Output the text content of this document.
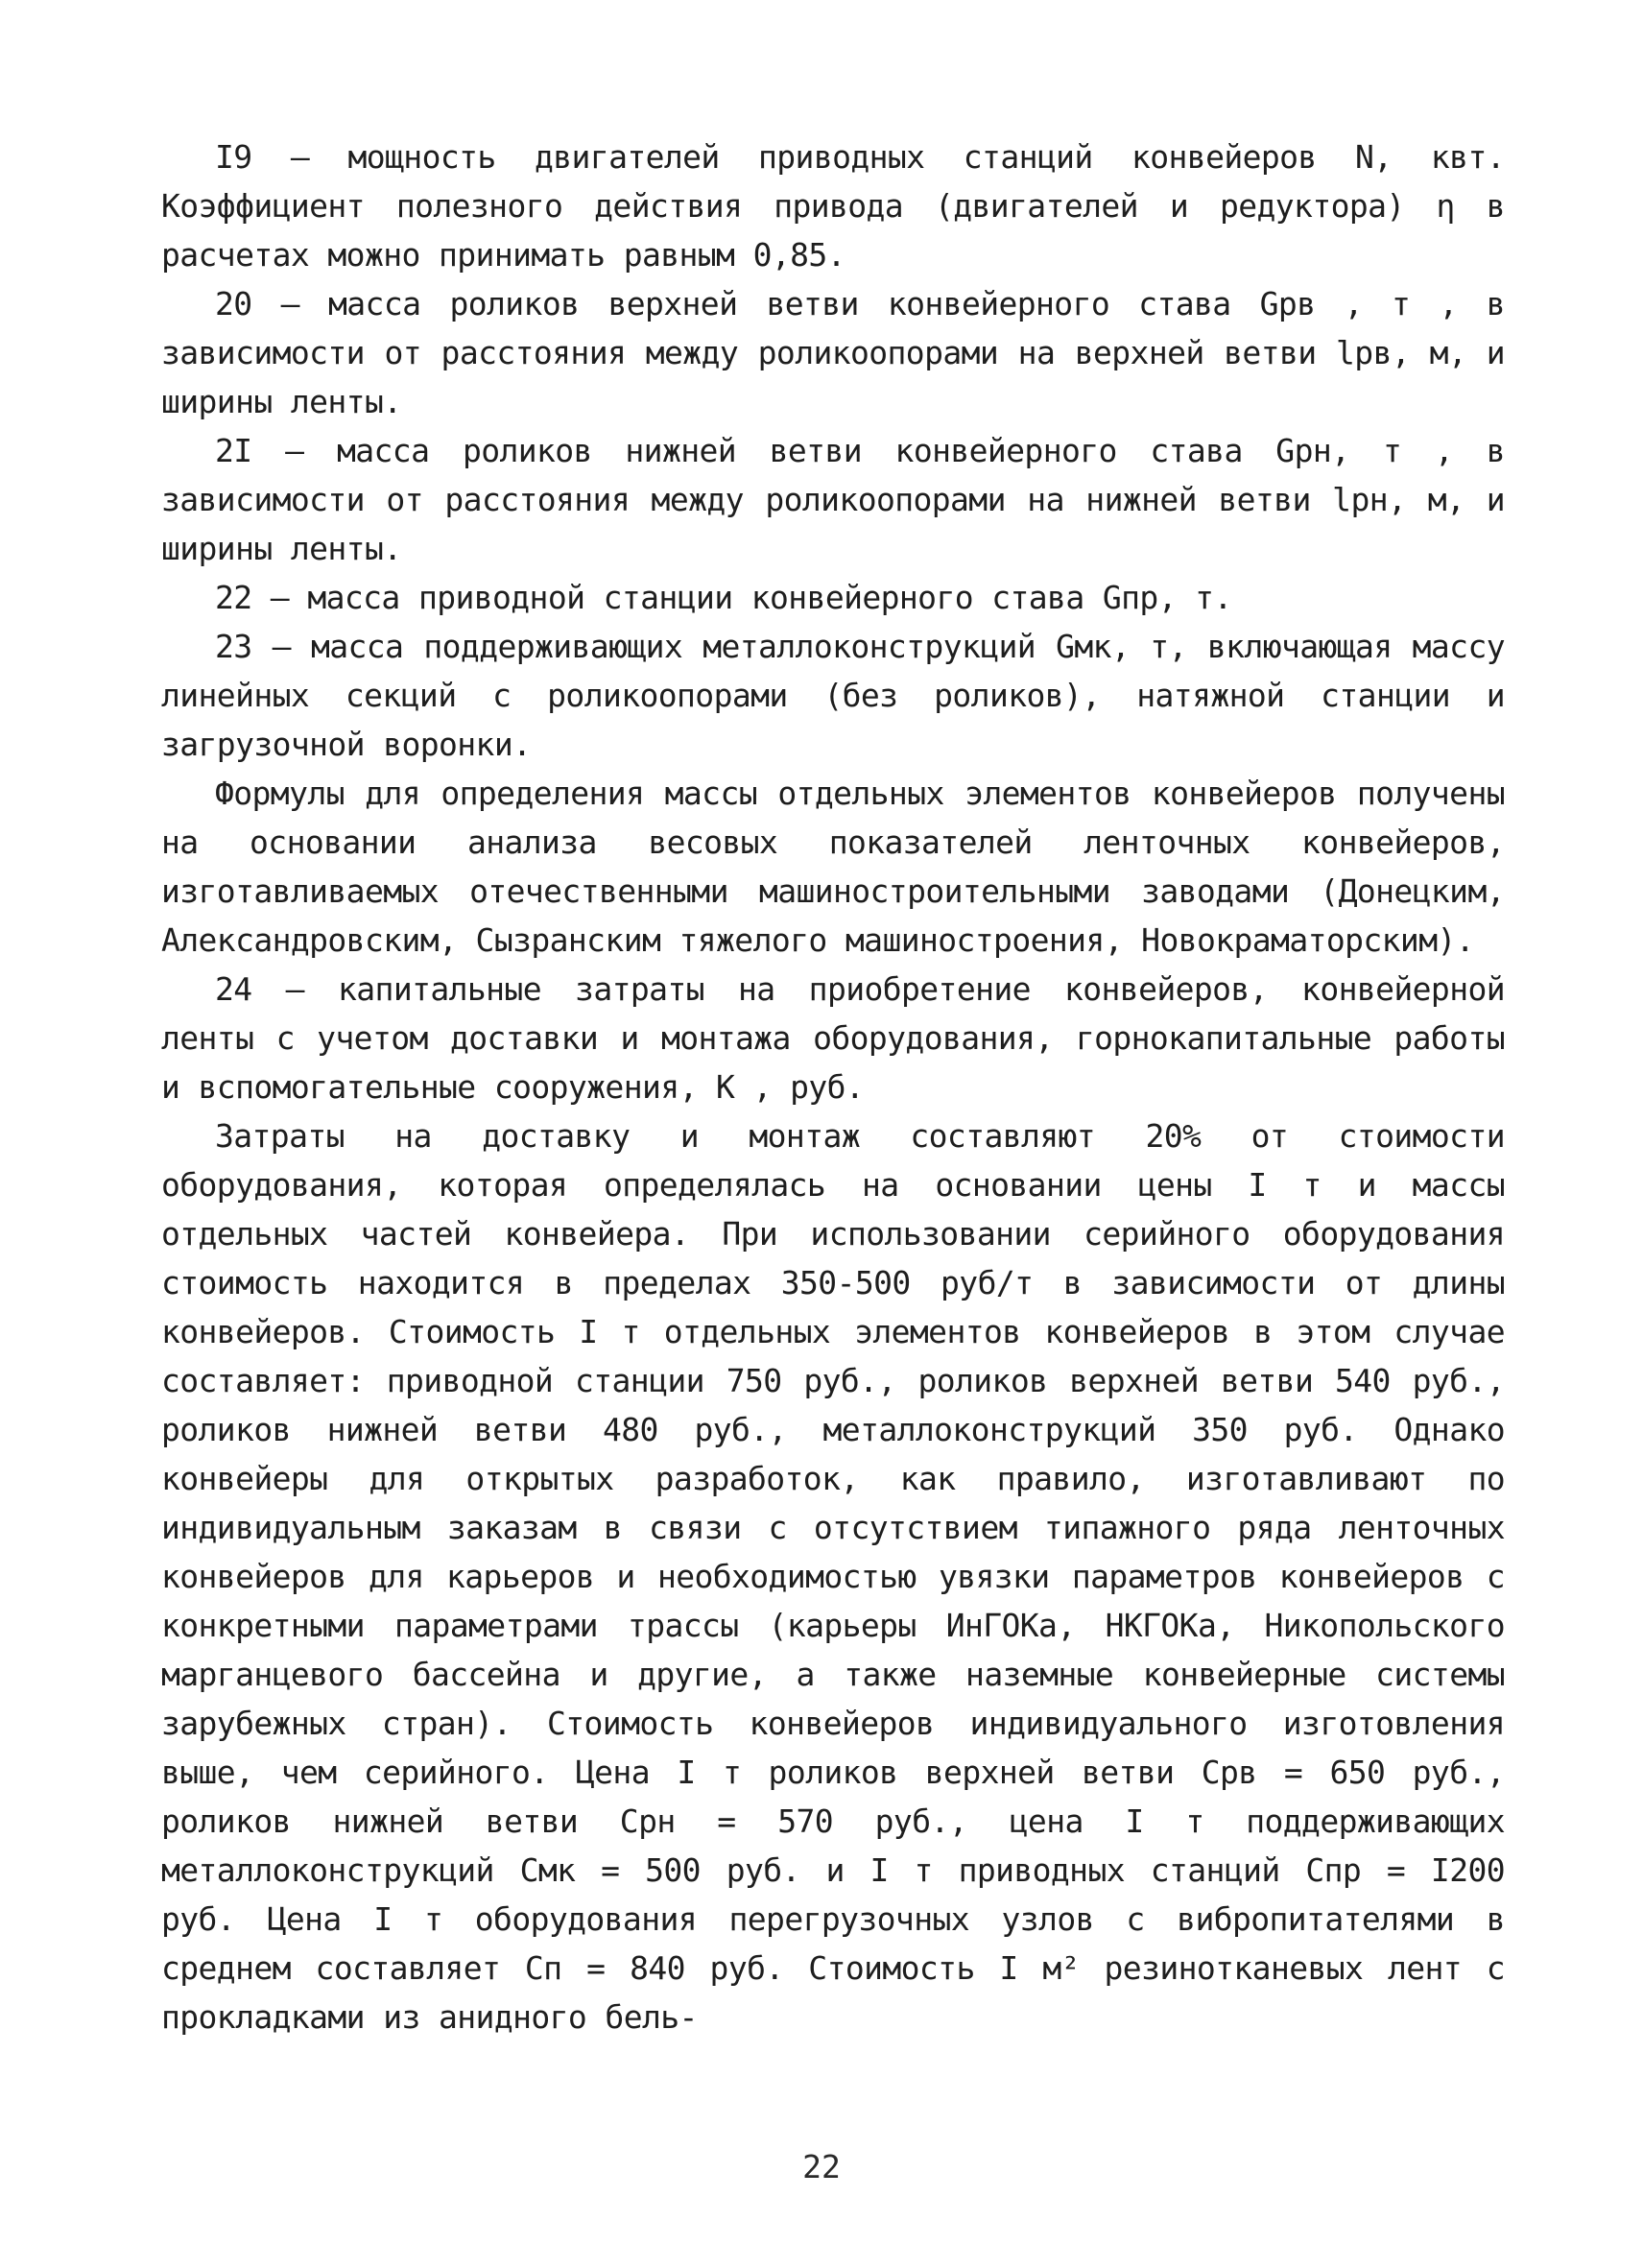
I9 – мощность двигателей приводных станций конвейеров N, квт. Коэффициент полезного действия привода (двигателей и редуктора) η в расчетах можно принимать равным 0,85.

20 – масса роликов верхней ветви конвейерного става Gрв , т , в зависимости от расстояния между роликоопорами на верхней ветви lрв, м, и ширины ленты.

2I – масса роликов нижней ветви конвейерного става Gрн, т , в зависимости от расстояния между роликоопорами на нижней ветви lрн, м, и ширины ленты.

22 – масса приводной станции конвейерного става Gпр, т.

23 – масса поддерживающих металлоконструкций Gмк, т, включающая массу линейных секций с роликоопорами (без роликов), натяжной станции и загрузочной воронки.

Формулы для определения массы отдельных элементов конвейеров получены на основании анализа весовых показателей ленточных конвейеров, изготавливаемых отечественными машиностроительными заводами (Донецким, Александровским, Сызранским тяжелого машиностроения, Новокраматорским).

24 – капитальные затраты на приобретение конвейеров, конвейерной ленты с учетом доставки и монтажа оборудования, горнокапитальные работы и вспомогательные сооружения, K , руб.

Затраты на доставку и монтаж составляют 20% от стоимости оборудования, которая определялась на основании цены I т и массы отдельных частей конвейера. При использовании серийного оборудования стоимость находится в пределах 350-500 руб/т в зависимости от длины конвейеров. Стоимость I т отдельных элементов конвейеров в этом случае составляет: приводной станции 750 руб., роликов верхней ветви 540 руб., роликов нижней ветви 480 руб., металлоконструкций 350 руб. Однако конвейеры для открытых разработок, как правило, изготавливают по индивидуальным заказам в связи с отсутствием типажного ряда ленточных конвейеров для карьеров и необходимостью увязки параметров конвейеров с конкретными параметрами трассы (карьеры ИнГОКа, НКГОКа, Никопольского марганцевого бассейна и другие, а также наземные конвейерные системы зарубежных стран). Стоимость конвейеров индивидуального изготовления выше, чем серийного. Цена I т роликов верхней ветви Cрв = 650 руб., роликов нижней ветви Cрн = 570 руб., цена I т поддерживающих металлоконструкций Cмк = 500 руб. и I т приводных станций Cпр = I200 руб. Цена I т оборудования перегрузочных узлов с вибропитателями в среднем составляет Cп = 840 руб. Стоимость I м² резинотканевых лент с прокладками из анидного бель-

22
